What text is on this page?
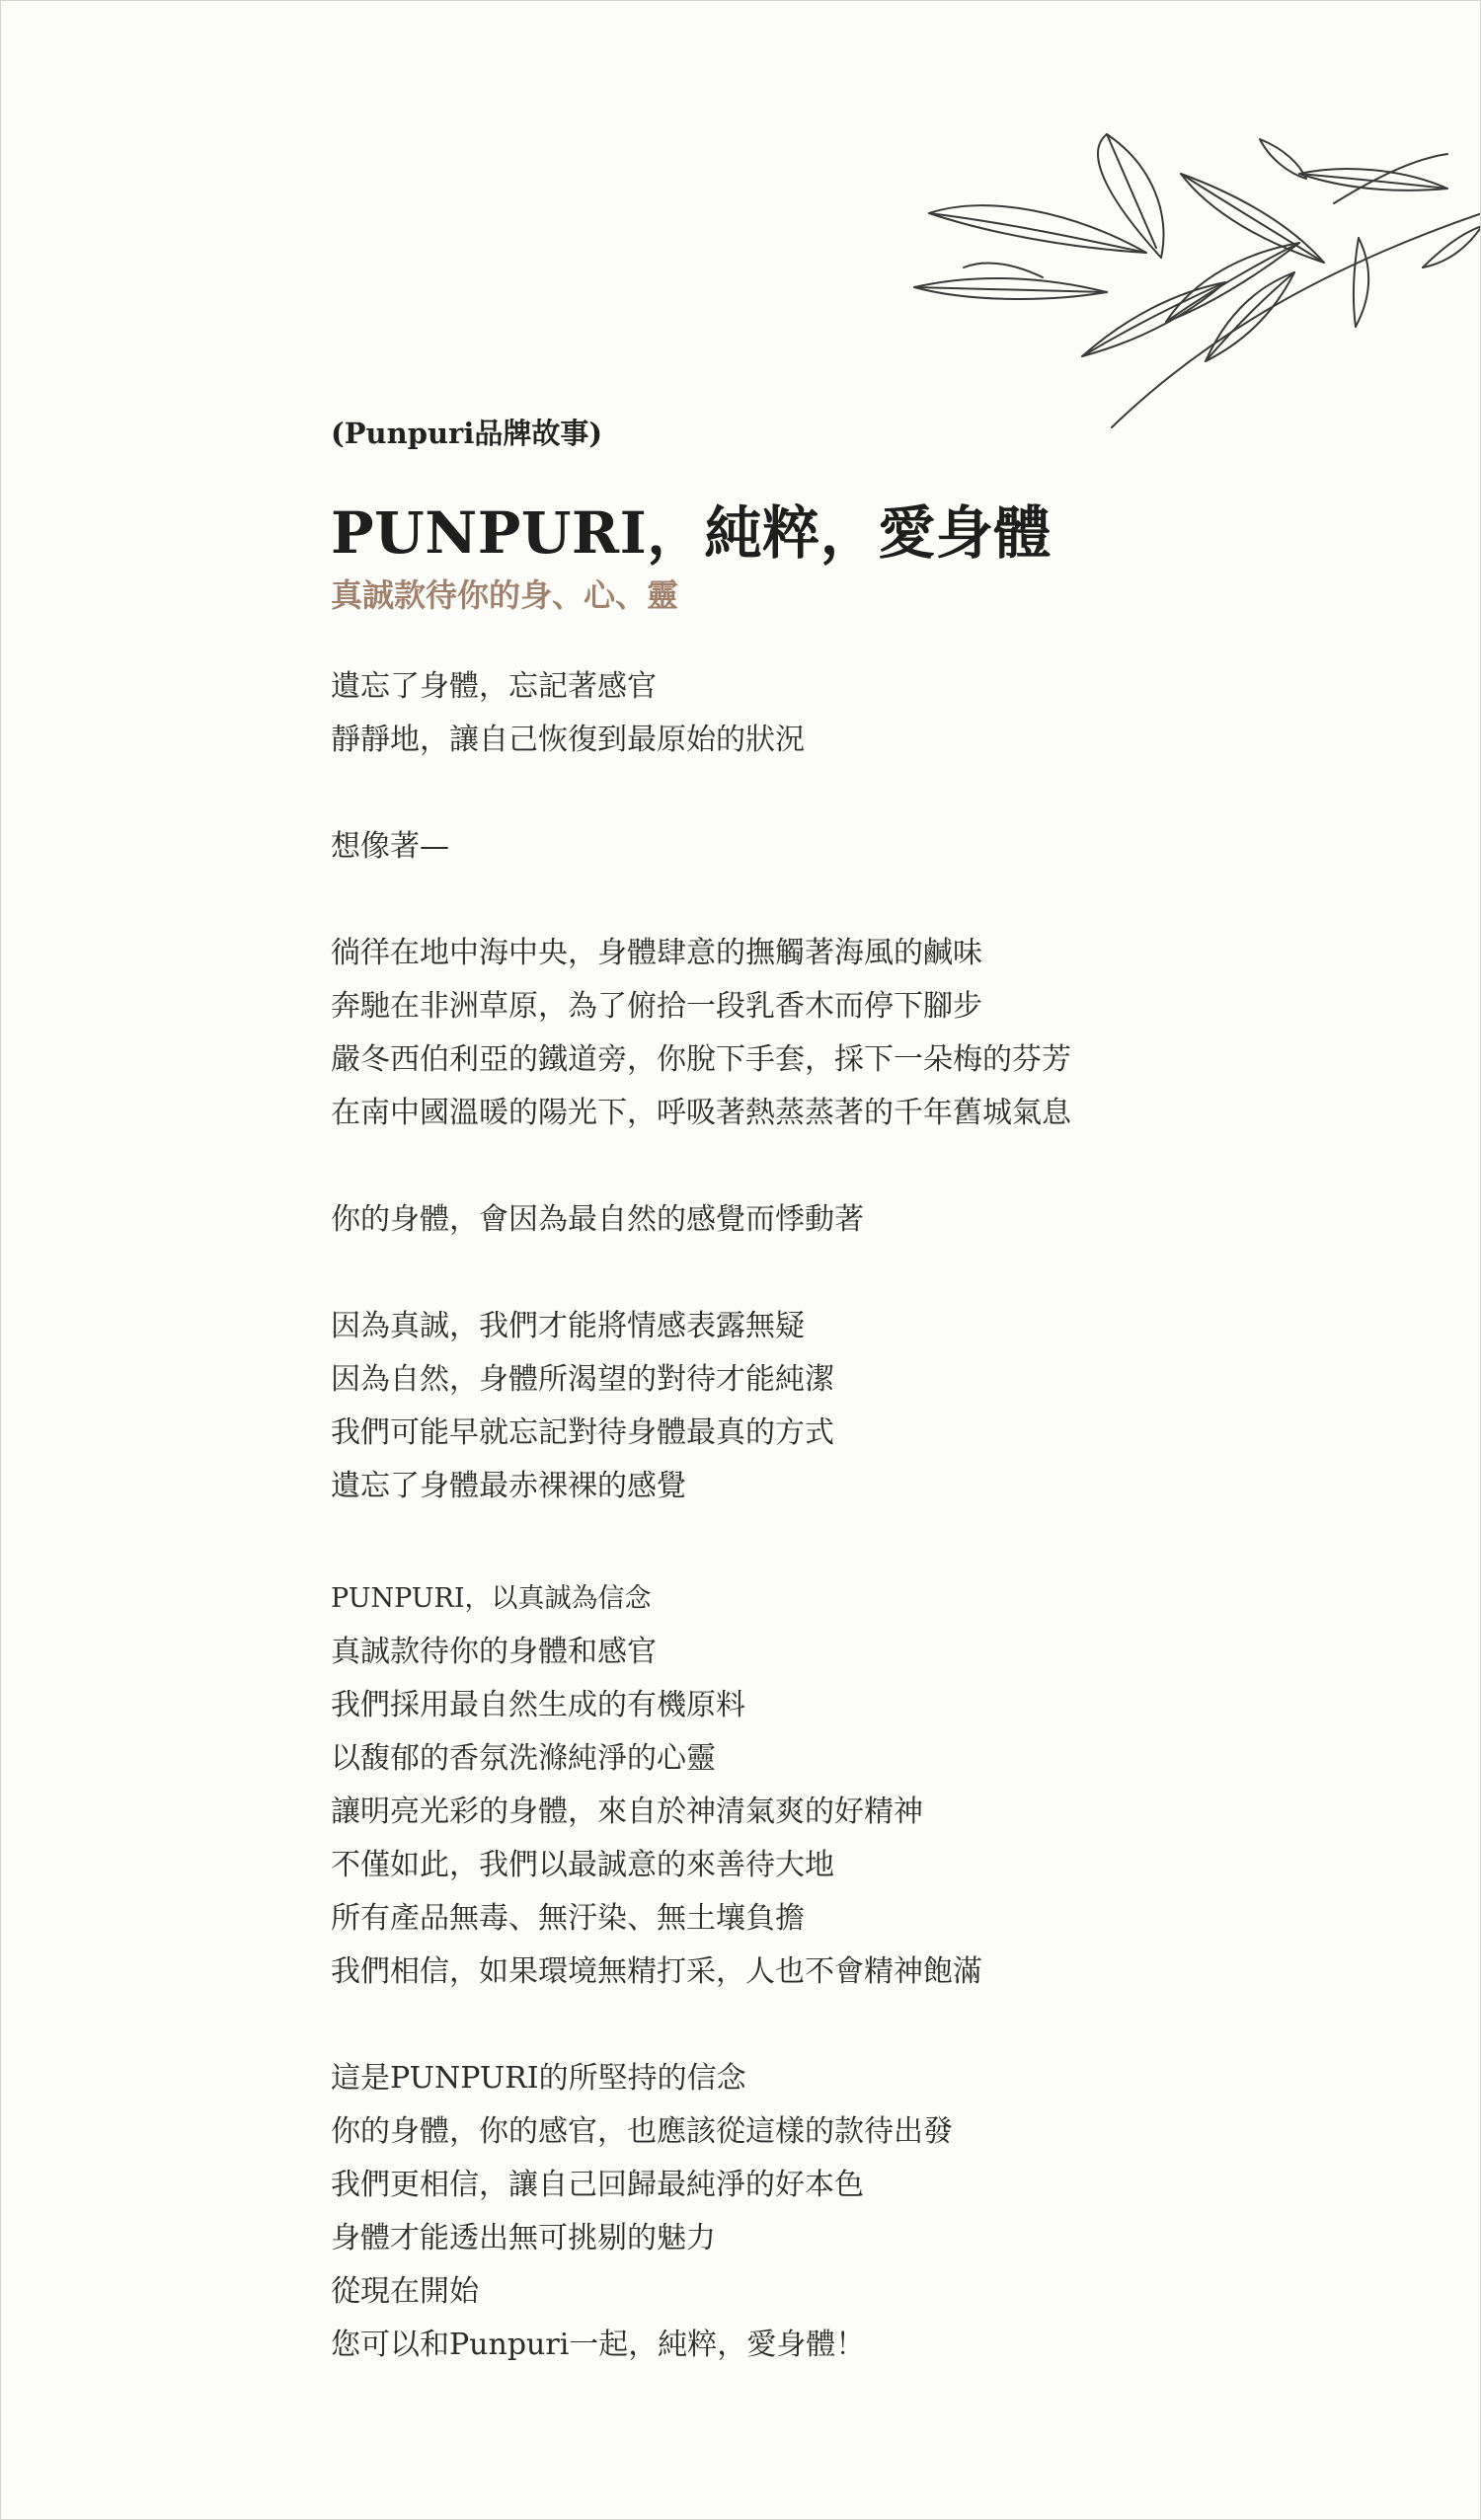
(Punpuri品牌故事)
PUNPURI，純粹，愛身體
真誠款待你的身、心、靈
遺忘了身體，忘記著感官
靜靜地，讓自己恢復到最原始的狀況
想像著—
徜徉在地中海中央，身體肆意的撫觸著海風的鹹味
奔馳在非洲草原，為了俯拾一段乳香木而停下腳步
嚴冬西伯利亞的鐵道旁，你脫下手套，採下一朵梅的芬芳
在南中國溫暖的陽光下，呼吸著熱蒸蒸著的千年舊城氣息
你的身體，會因為最自然的感覺而悸動著
因為真誠，我們才能將情感表露無疑
因為自然，身體所渴望的對待才能純潔
我們可能早就忘記對待身體最真的方式
遺忘了身體最赤裸裸的感覺
PUNPURI，以真誠為信念
真誠款待你的身體和感官
我們採用最自然生成的有機原料
以馥郁的香氛洗滌純淨的心靈
讓明亮光彩的身體，來自於神清氣爽的好精神
不僅如此，我們以最誠意的來善待大地
所有產品無毒、無汙染、無土壤負擔
我們相信，如果環境無精打采，人也不會精神飽滿
這是PUNPURI的所堅持的信念
你的身體，你的感官，也應該從這樣的款待出發
我們更相信，讓自己回歸最純淨的好本色
身體才能透出無可挑剔的魅力
從現在開始
您可以和Punpuri一起，純粹，愛身體！
